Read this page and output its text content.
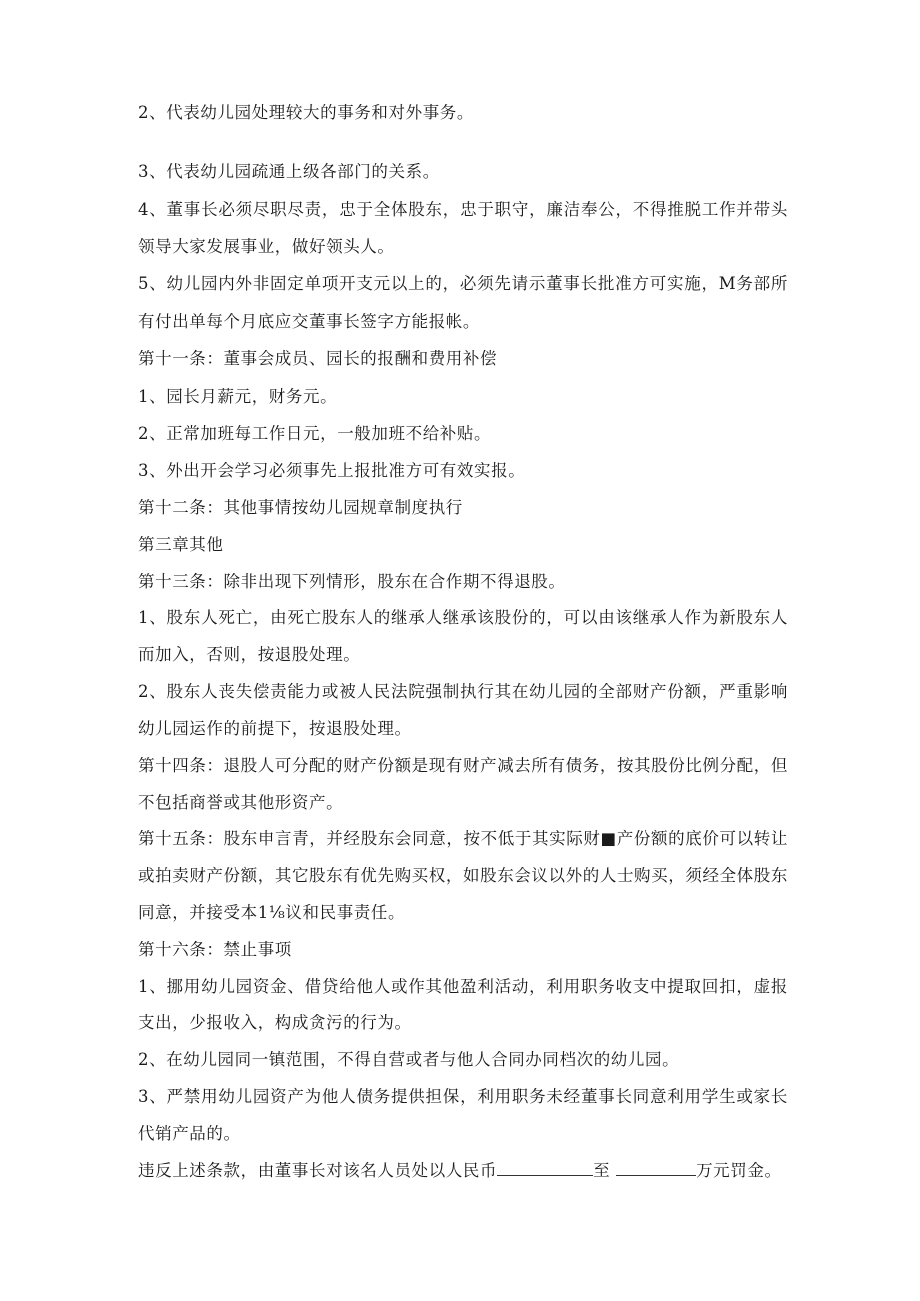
2、代表幼儿园处理较大的事务和对外事务。
3、代表幼儿园疏通上级各部门的关系。
4、董事长必须尽职尽责，忠于全体股东，忠于职守，廉洁奉公，不得推脱工作并带头
领导大家发展事业，做好领头人。
5、幼儿园内外非固定单项开支元以上的，必须先请示董事长批准方可实施，M务部所
有付出单每个月底应交董事长签字方能报帐。
第十一条：董事会成员、园长的报酬和费用补偿
1、园长月薪元，财务元。
2、正常加班每工作日元，一般加班不给补贴。
3、外出开会学习必须事先上报批准方可有效实报。
第十二条：其他事情按幼儿园规章制度执行
第三章其他
第十三条：除非出现下列情形，股东在合作期不得退股。
1、股东人死亡，由死亡股东人的继承人继承该股份的，可以由该继承人作为新股东人
而加入，否则，按退股处理。
2、股东人丧失偿责能力或被人民法院强制执行其在幼儿园的全部财产份额，严重影响
幼儿园运作的前提下，按退股处理。
第十四条：退股人可分配的财产份额是现有财产减去所有债务，按其股份比例分配，但
不包括商誉或其他形资产。
第十五条：股东申言青，并经股东会同意，按不低于其实际财■产份额的底价可以转让
或拍卖财产份额，其它股东有优先购买权，如股东会议以外的人士购买，须经全体股东
同意，并接受本1⅛议和民事责任。
第十六条：禁止事项
1、挪用幼儿园资金、借贷给他人或作其他盈利活动，利用职务收支中提取回扣，虚报
支出，少报收入，构成贪污的行为。
2、在幼儿园同一镇范围，不得自营或者与他人合同办同档次的幼儿园。
3、严禁用幼儿园资产为他人债务提供担保，利用职务未经董事长同意利用学生或家长
代销产品的。
违反上述条款，由董事长对该名人员处以人民币	至	万元罚金。
